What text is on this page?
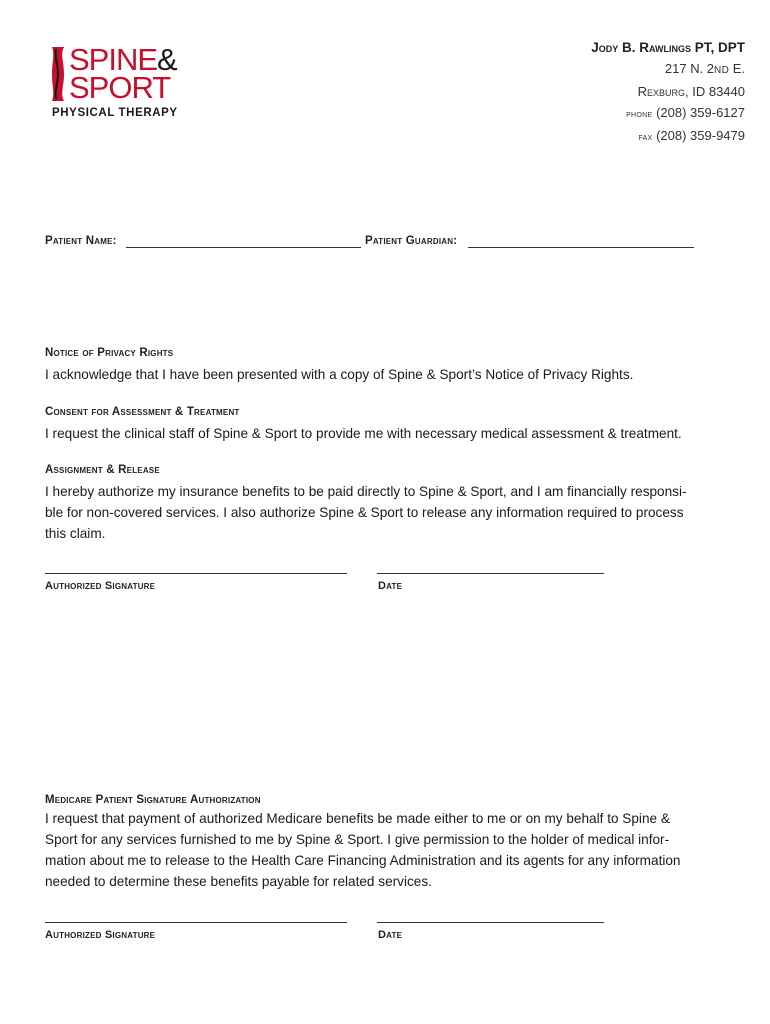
SPINE&
SPORT
PHYSICAL THERAPY
Jody B. Rawlings PT, DPT
217 N. 2ND E.
Rexburg, ID 83440
phone (208) 359-6127
fax (208) 359-9479
Patient Name:	Patient Guardian:
Notice of Privacy Rights
I acknowledge that I have been presented with a copy of Spine & Sport’s Notice of Privacy Rights.
Consent for Assessment & Treatment
I request the clinical staff of Spine & Sport to provide me with necessary medical assessment & treatment.
Assignment & Release
I hereby authorize my insurance benefits to be paid directly to Spine & Sport, and I am financially responsi-
ble for non-covered services. I also authorize Spine & Sport to release any information required to process
this claim.
Authorized Signature	Date
Medicare Patient Signature Authorization
I request that payment of authorized Medicare benefits be made either to me or on my behalf to Spine &
Sport for any services furnished to me by Spine & Sport. I give permission to the holder of medical infor-
mation about me to release to the Health Care Financing Administration and its agents for any information
needed to determine these benefits payable for related services.
Authorized Signature	Date
